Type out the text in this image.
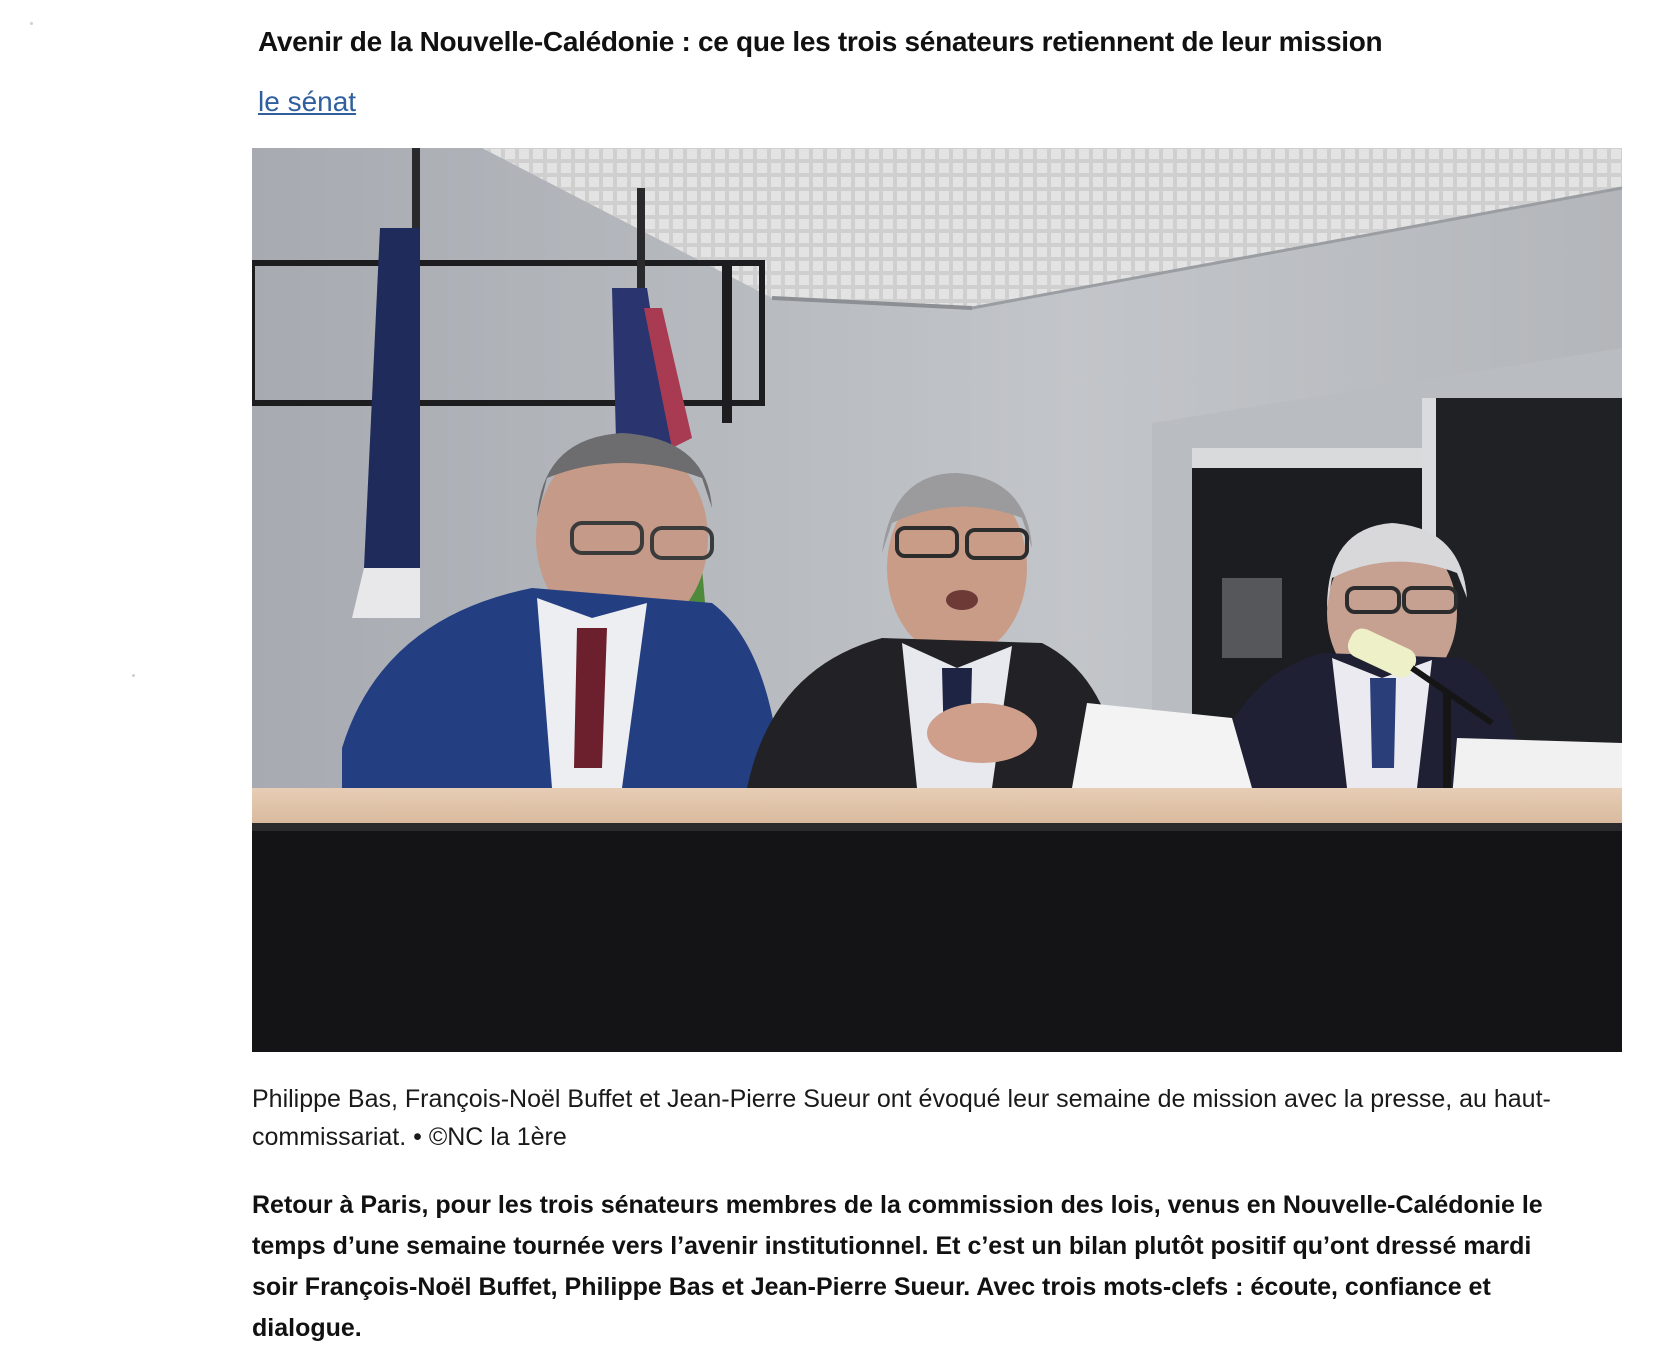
Avenir de la Nouvelle-Calédonie : ce que les trois sénateurs retiennent de leur mission
le sénat
Philippe Bas, François-Noël Buffet et Jean-Pierre Sueur ont évoqué leur semaine de mission avec la presse, au haut-commissariat. • ©NC la 1ère
Retour à Paris, pour les trois sénateurs membres de la commission des lois, venus en Nouvelle-Calédonie le temps d’une semaine tournée vers l’avenir institutionnel. Et c’est un bilan plutôt positif qu’ont dressé mardi soir François-Noël Buffet, Philippe Bas et Jean-Pierre Sueur. Avec trois mots-clefs : écoute, confiance et dialogue.
